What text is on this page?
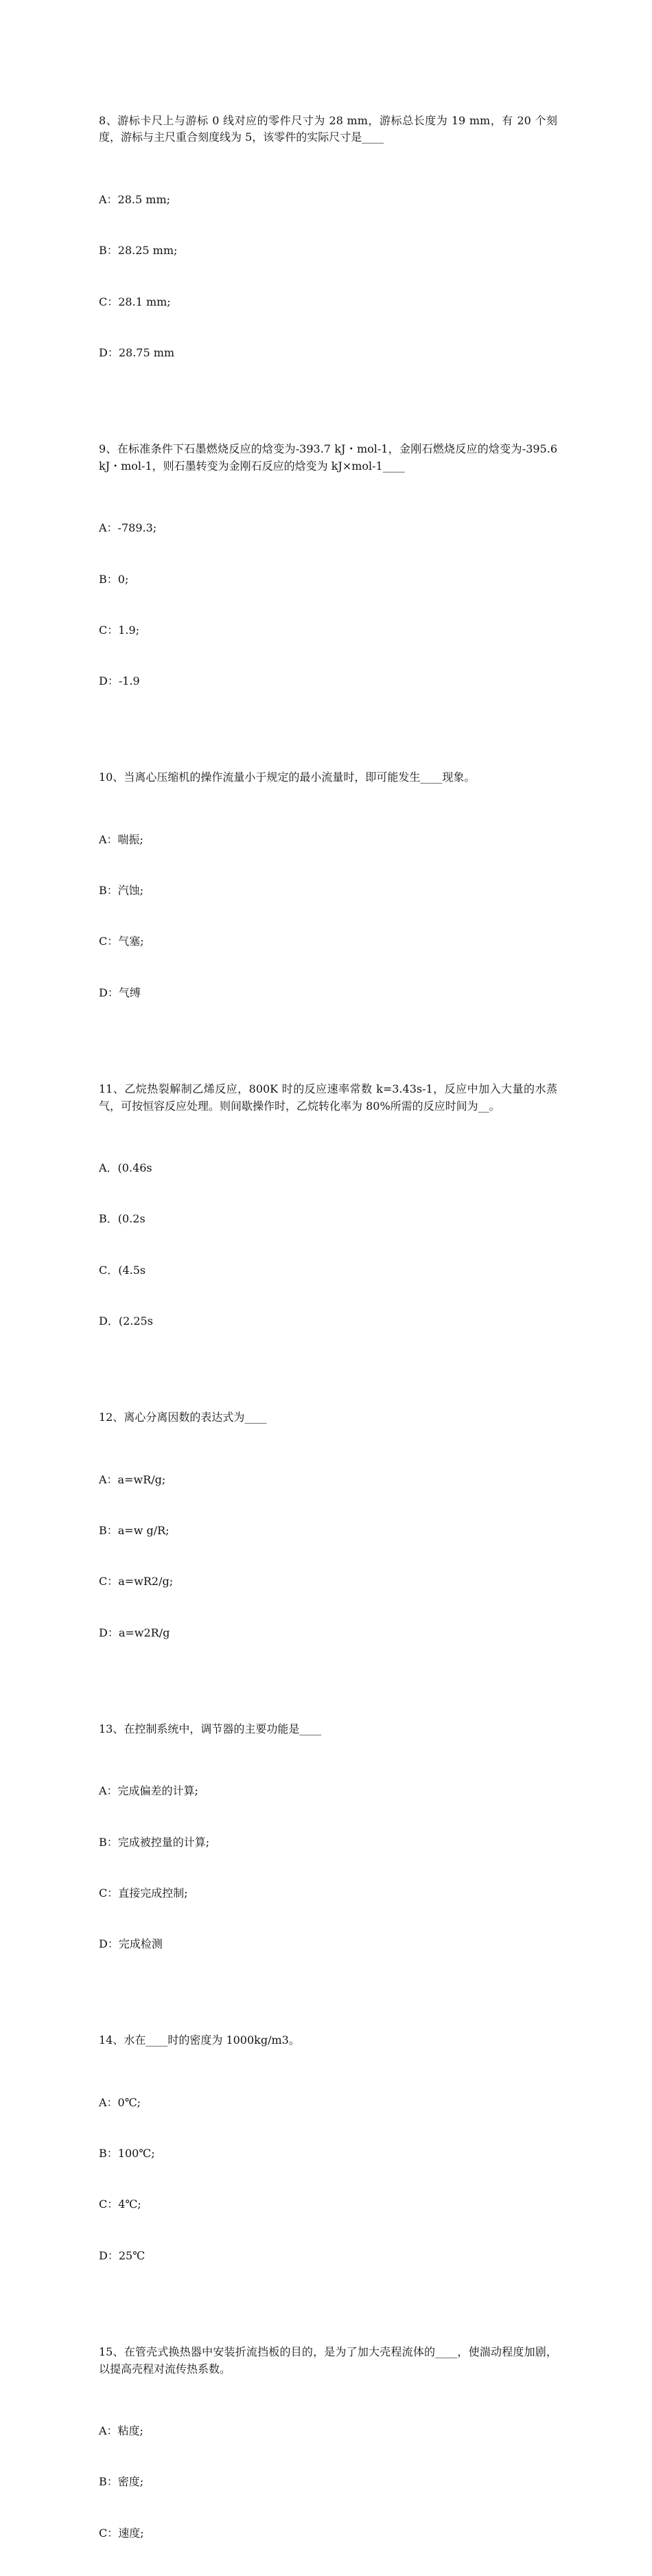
8、游标卡尺上与游标 0 线对应的零件尺寸为 28 mm，游标总长度为 19 mm，有 20 个刻度，游标与主尺重合刻度线为 5，该零件的实际尺寸是____

A：28.5 mm;

B：28.25 mm;

C：28.1 mm;

D：28.75 mm

9、在标准条件下石墨燃烧反应的焓变为-393.7 kJ・mol-1，金刚石燃烧反应的焓变为-395.6kJ・mol-1，则石墨转变为金刚石反应的焓变为 kJ×mol-1____

A：-789.3;

B：0;

C：1.9;

D：-1.9

10、当离心压缩机的操作流量小于规定的最小流量时，即可能发生____现象。

A：喘振;

B：汽蚀;

C：气塞;

D：气缚

11、乙烷热裂解制乙烯反应，800K 时的反应速率常数 k=3.43s-1，反应中加入大量的水蒸气，可按恒容反应处理。则间歇操作时，乙烷转化率为 80%所需的反应时间为__。

A．(0.46s

B．(0.2s

C．(4.5s

D．(2.25s

12、离心分离因数的表达式为____

A：a=wR/g;

B：a=w g/R;

C：a=wR2/g;

D：a=w2R/g

13、在控制系统中，调节器的主要功能是____

A：完成偏差的计算;

B：完成被控量的计算;

C：直接完成控制;

D：完成检测

14、水在____时的密度为 1000kg/m3。

A：0℃;

B：100℃;

C：4℃;

D：25℃

15、在管壳式换热器中安装折流挡板的目的，是为了加大壳程流体的____，使湍动程度加剧，以提高壳程对流传热系数。

A：粘度;

B：密度;

C：速度;
